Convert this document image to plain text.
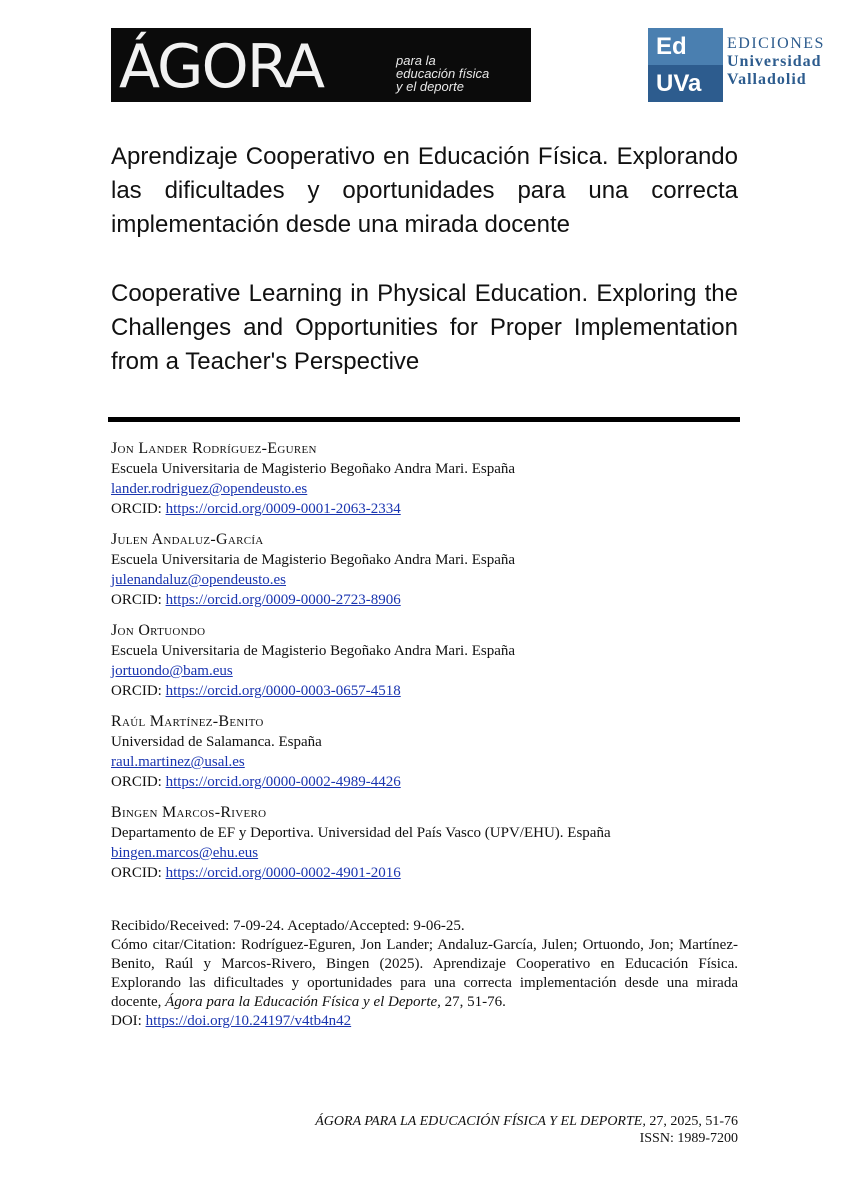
ÁGORA	para la
educación física
y el deporte
Ed
UVa
EDICIONES
Universidad
Valladolid
Aprendizaje Cooperativo en Educación Física. Explorando las dificultades y oportunidades para una correcta implementación desde una mirada docente
Cooperative Learning in Physical Education. Exploring the Challenges and Opportunities for Proper Implementation from a Teacher's Perspective
Jon Lander Rodríguez-Eguren
Escuela Universitaria de Magisterio Begoñako Andra Mari. España
lander.rodriguez@opendeusto.es
ORCID: https://orcid.org/0009-0001-2063-2334
Julen Andaluz-García
Escuela Universitaria de Magisterio Begoñako Andra Mari. España
julenandaluz@opendeusto.es
ORCID: https://orcid.org/0009-0000-2723-8906
Jon Ortuondo
Escuela Universitaria de Magisterio Begoñako Andra Mari. España
jortuondo@bam.eus
ORCID: https://orcid.org/0000-0003-0657-4518
Raúl Martínez-Benito
Universidad de Salamanca. España
raul.martinez@usal.es
ORCID: https://orcid.org/0000-0002-4989-4426
Bingen Marcos-Rivero
Departamento de EF y Deportiva. Universidad del País Vasco (UPV/EHU). España
bingen.marcos@ehu.eus
ORCID: https://orcid.org/0000-0002-4901-2016

Recibido/Received: 7-09-24. Aceptado/Accepted: 9-06-25.

Cómo citar/Citation: Rodríguez-Eguren, Jon Lander; Andaluz-García, Julen; Ortuondo, Jon; Martínez-Benito, Raúl y Marcos-Rivero, Bingen (2025). Aprendizaje Cooperativo en Educación Física. Explorando las dificultades y oportunidades para una correcta implementación desde una mirada docente, Ágora para la Educación Física y el Deporte, 27, 51-76.

DOI: https://doi.org/10.24197/v4tb4n42

ÁGORA PARA LA EDUCACIÓN FÍSICA Y EL DEPORTE, 27, 2025, 51-76
ISSN: 1989-7200
